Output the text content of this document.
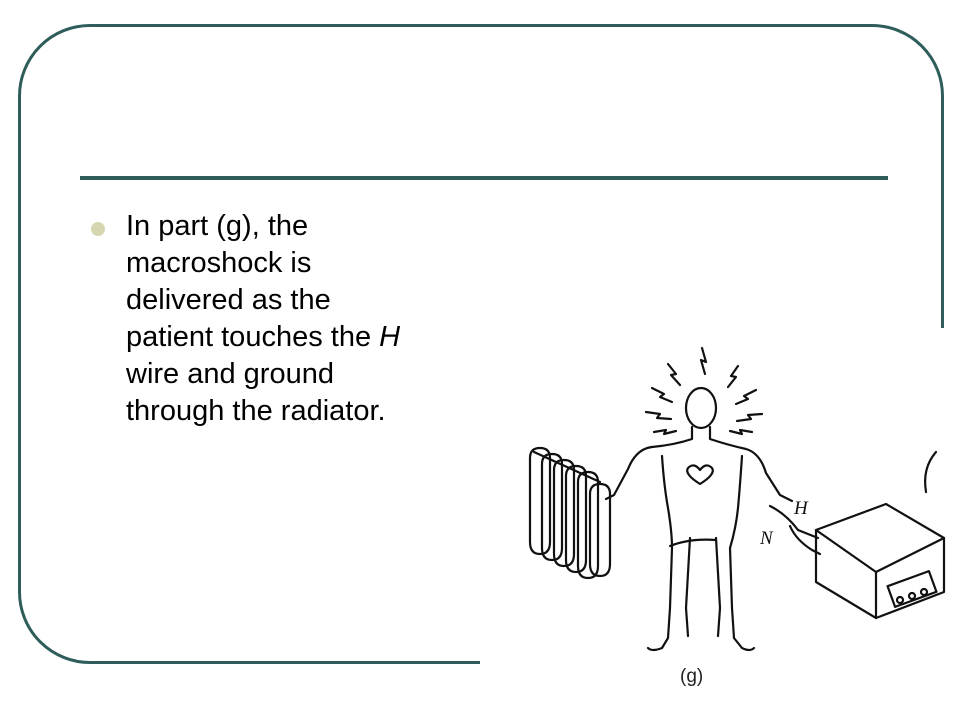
In part (g), the
macroshock is
delivered as the
patient touches the H
wire and ground
through the radiator.

H
N
(g)
